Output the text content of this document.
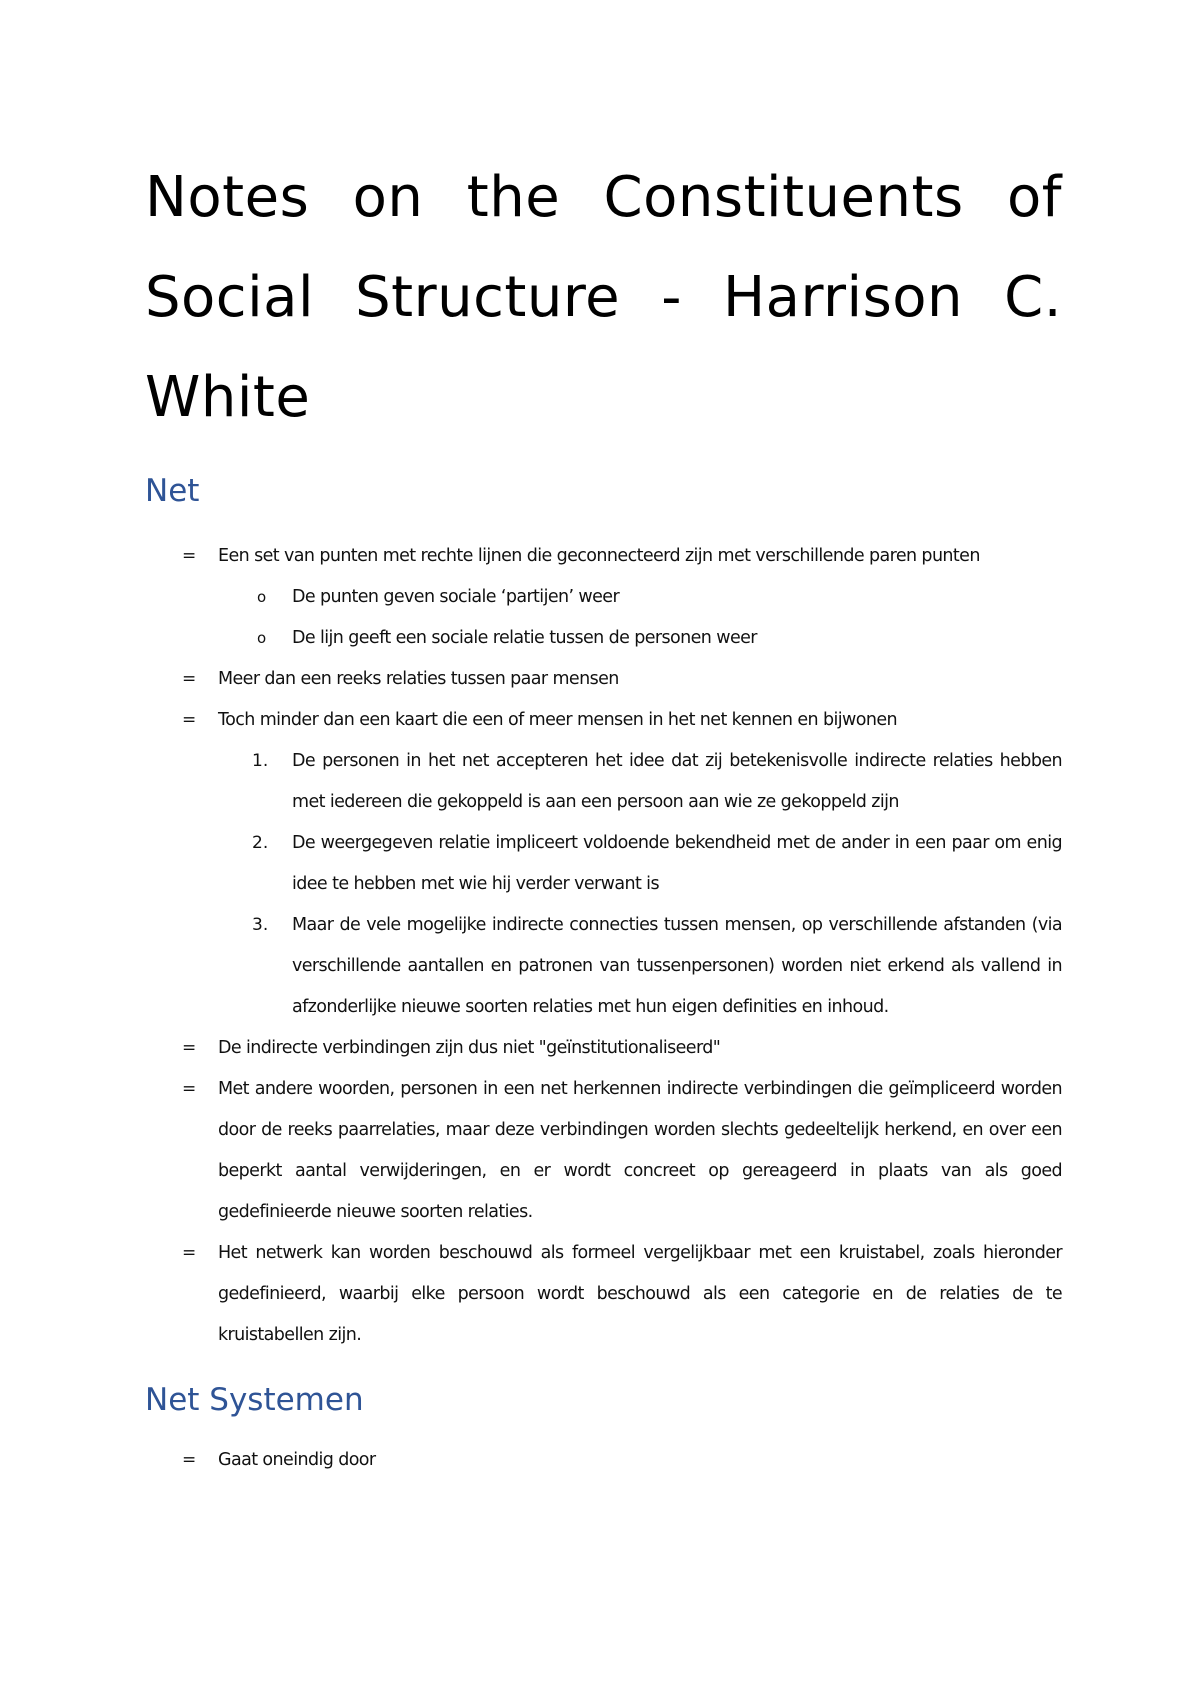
Notes on the Constituents of Social Structure - Harrison C. White
Net
=	Een set van punten met rechte lijnen die geconnecteerd zijn met verschillende paren punten
o De punten geven sociale ‘partijen’ weer
o De lijn geeft een sociale relatie tussen de personen weer
=	Meer dan een reeks relaties tussen paar mensen
=	Toch minder dan een kaart die een of meer mensen in het net kennen en bijwonen
1. De personen in het net accepteren het idee dat zij betekenisvolle indirecte relaties hebben met iedereen die gekoppeld is aan een persoon aan wie ze gekoppeld zijn
2. De weergegeven relatie impliceert voldoende bekendheid met de ander in een paar om enig idee te hebben met wie hij verder verwant is
3. Maar de vele mogelijke indirecte connecties tussen mensen, op verschillende afstanden (via verschillende aantallen en patronen van tussenpersonen) worden niet erkend als vallend in afzonderlijke nieuwe soorten relaties met hun eigen definities en inhoud.
=	De indirecte verbindingen zijn dus niet "geïnstitutionaliseerd"
=	Met andere woorden, personen in een net herkennen indirecte verbindingen die geïmpliceerd worden door de reeks paarrelaties, maar deze verbindingen worden slechts gedeeltelijk herkend, en over een beperkt aantal verwijderingen, en er wordt concreet op gereageerd in plaats van als goed gedefinieerde nieuwe soorten relaties.
=	Het netwerk kan worden beschouwd als formeel vergelijkbaar met een kruistabel, zoals hieronder gedefinieerd, waarbij elke persoon wordt beschouwd als een categorie en de relaties de te kruistabellen zijn.
Net Systemen
=	Gaat oneindig door
